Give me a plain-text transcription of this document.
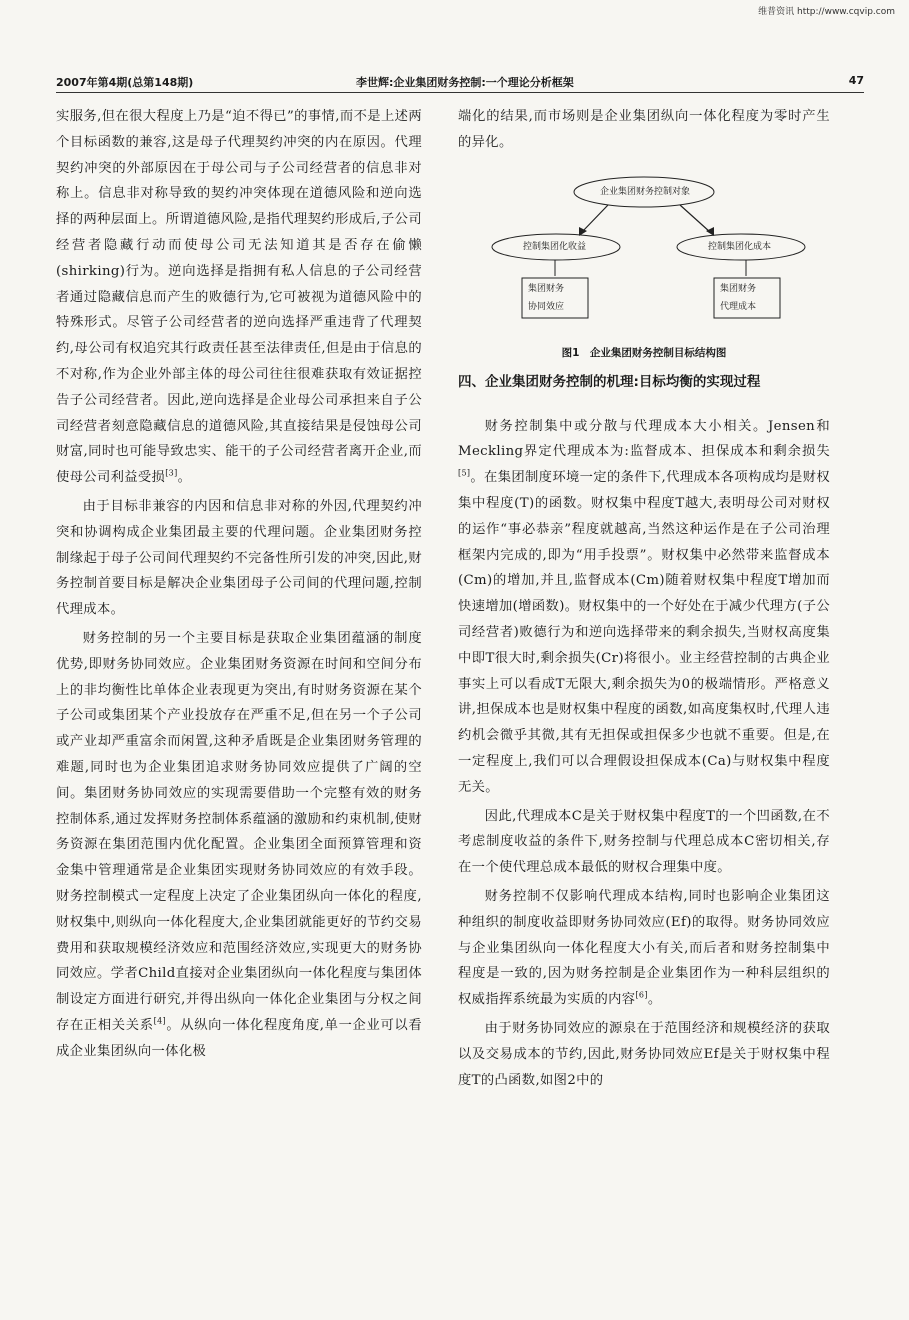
维普资讯 http://www.cqvip.com
2007年第4期(总第148期)	李世辉:企业集团财务控制:一个理论分析框架	47

实服务,但在很大程度上乃是“迫不得已”的事情,而不是上述两个目标函数的兼容,这是母子代理契约冲突的内在原因。代理契约冲突的外部原因在于母公司与子公司经营者的信息非对称上。信息非对称导致的契约冲突体现在道德风险和逆向选择的两种层面上。所谓道德风险,是指代理契约形成后,子公司经营者隐藏行动而使母公司无法知道其是否存在偷懒(shirking)行为。逆向选择是指拥有私人信息的子公司经营者通过隐藏信息而产生的败德行为,它可被视为道德风险中的特殊形式。尽管子公司经营者的逆向选择严重违背了代理契约,母公司有权追究其行政责任甚至法律责任,但是由于信息的不对称,作为企业外部主体的母公司往往很难获取有效证据控告子公司经营者。因此,逆向选择是企业母公司承担来自子公司经营者刻意隐藏信息的道德风险,其直接结果是侵蚀母公司财富,同时也可能导致忠实、能干的子公司经营者离开企业,而使母公司利益受损[3]。

由于目标非兼容的内因和信息非对称的外因,代理契约冲突和协调构成企业集团最主要的代理问题。企业集团财务控制缘起于母子公司间代理契约不完备性所引发的冲突,因此,财务控制首要目标是解决企业集团母子公司间的代理问题,控制代理成本。

财务控制的另一个主要目标是获取企业集团蕴涵的制度优势,即财务协同效应。企业集团财务资源在时间和空间分布上的非均衡性比单体企业表现更为突出,有时财务资源在某个子公司或集团某个产业投放存在严重不足,但在另一个子公司或产业却严重富余而闲置,这种矛盾既是企业集团财务管理的难题,同时也为企业集团追求财务协同效应提供了广阔的空间。集团财务协同效应的实现需要借助一个完整有效的财务控制体系,通过发挥财务控制体系蕴涵的激励和约束机制,使财务资源在集团范围内优化配置。企业集团全面预算管理和资金集中管理通常是企业集团实现财务协同效应的有效手段。财务控制模式一定程度上决定了企业集团纵向一体化的程度,财权集中,则纵向一体化程度大,企业集团就能更好的节约交易费用和获取规模经济效应和范围经济效应,实现更大的财务协同效应。学者Child直接对企业集团纵向一体化程度与集团体制设定方面进行研究,并得出纵向一体化企业集团与分权之间存在正相关关系[4]。从纵向一体化程度角度,单一企业可以看成企业集团纵向一体化极

端化的结果,而市场则是企业集团纵向一体化程度为零时产生的异化。

企业集团财务控制对象
控制集团化收益	控制集团化成本
集团财务
协同效应
集团财务
代理成本
图1　企业集团财务控制目标结构图
四、企业集团财务控制的机理:目标均衡的实现过程

财务控制集中或分散与代理成本大小相关。Jensen和Meckling界定代理成本为:监督成本、担保成本和剩余损失[5]。在集团制度环境一定的条件下,代理成本各项构成均是财权集中程度(T)的函数。财权集中程度T越大,表明母公司对财权的运作“事必恭亲”程度就越高,当然这种运作是在子公司治理框架内完成的,即为“用手投票”。财权集中必然带来监督成本(Cm)的增加,并且,监督成本(Cm)随着财权集中程度T增加而快速增加(增函数)。财权集中的一个好处在于减少代理方(子公司经营者)败德行为和逆向选择带来的剩余损失,当财权高度集中即T很大时,剩余损失(Cr)将很小。业主经营控制的古典企业事实上可以看成T无限大,剩余损失为0的极端情形。严格意义讲,担保成本也是财权集中程度的函数,如高度集权时,代理人违约机会微乎其微,其有无担保或担保多少也就不重要。但是,在一定程度上,我们可以合理假设担保成本(Ca)与财权集中程度无关。

因此,代理成本C是关于财权集中程度T的一个凹函数,在不考虑制度收益的条件下,财务控制与代理总成本C密切相关,存在一个使代理总成本最低的财权合理集中度。

财务控制不仅影响代理成本结构,同时也影响企业集团这种组织的制度收益即财务协同效应(Ef)的取得。财务协同效应与企业集团纵向一体化程度大小有关,而后者和财务控制集中程度是一致的,因为财务控制是企业集团作为一种科层组织的权威指挥系统最为实质的内容[6]。

由于财务协同效应的源泉在于范围经济和规模经济的获取以及交易成本的节约,因此,财务协同效应Ef是关于财权集中程度T的凸函数,如图2中的
